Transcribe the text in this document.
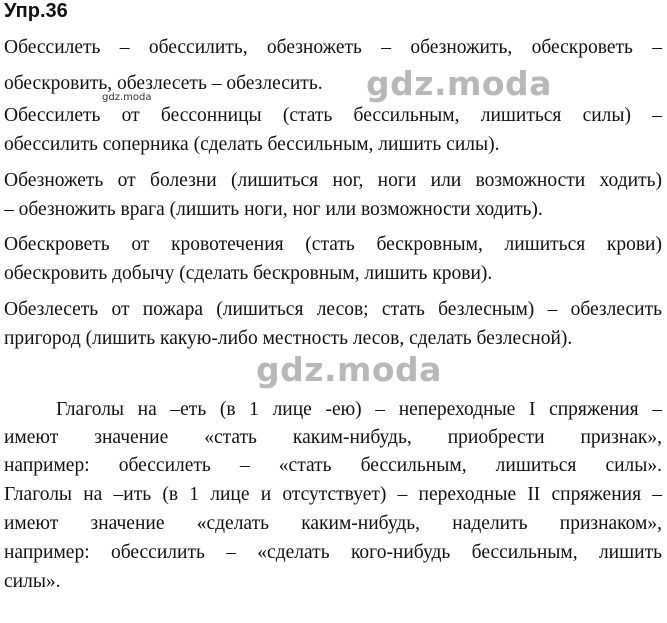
Упр.36
Обессилеть – обессилить, обезножеть – обезножить, обескроветь –
обескровить, обезлесеть – обезлесить.
Обессилеть от бессонницы (стать бессильным, лишиться силы) –
обессилить соперника (сделать бессильным, лишить силы).
Обезножеть от болезни (лишиться ног, ноги или возможности ходить)
– обезножить врага (лишить ноги, ног или возможности ходить).
Обескроветь от кровотечения (стать бескровным, лишиться крови)
обескровить добычу (сделать бескровным, лишить крови).
Обезлесеть от пожара (лишиться лесов; стать безлесным) – обезлесить
пригород (лишить какую-либо местность лесов, сделать безлесной).
Глаголы на –еть (в 1 лице -ею) – непереходные I спряжения –
имеют значение «стать каким-нибудь, приобрести признак»,
например: обессилеть – «стать бессильным, лишиться силы».
Глаголы на –ить (в 1 лице и отсутствует) – переходные II спряжения –
имеют значение «сделать каким-нибудь, наделить признаком»,
например: обессилить – «сделать кого-нибудь бессильным, лишить
силы».
gdz.moda
gdz.moda
gdz.moda
